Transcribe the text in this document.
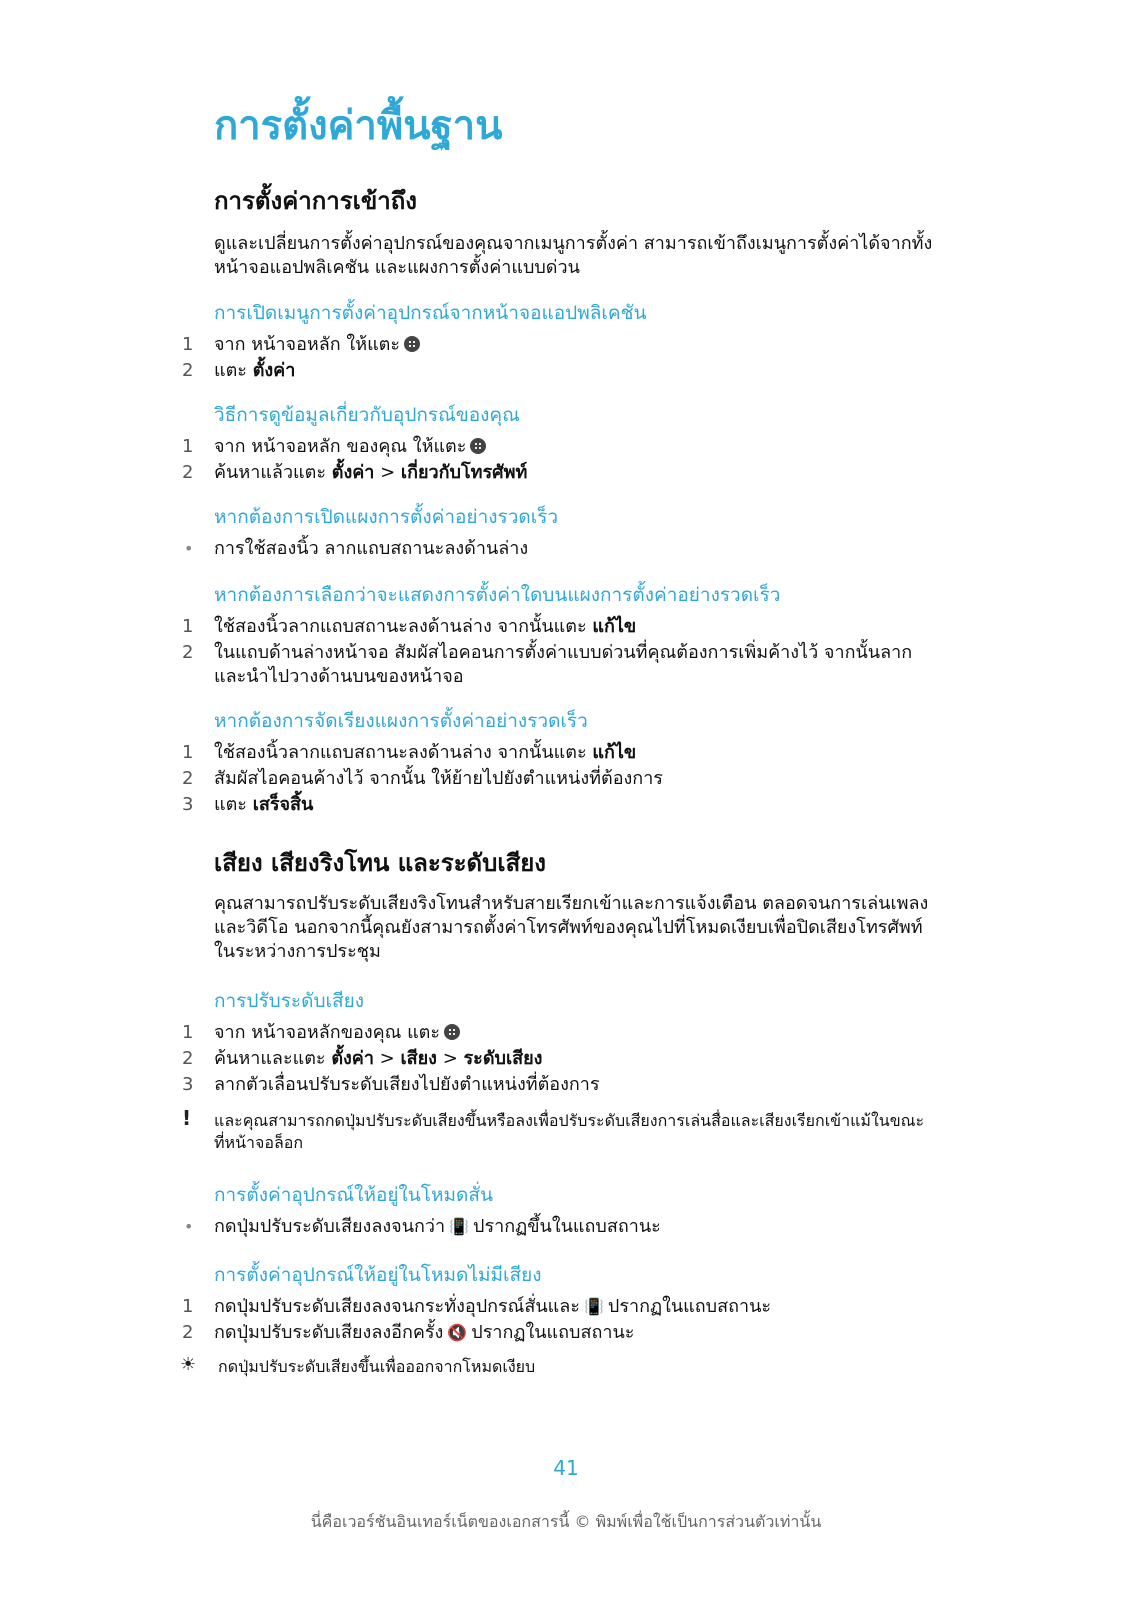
การตั้งค่าพื้นฐาน
การตั้งค่าการเข้าถึง

ดูและเปลี่ยนการตั้งค่าอุปกรณ์ของคุณจากเมนูการตั้งค่า สามารถเข้าถึงเมนูการตั้งค่าได้จากทั้งหน้าจอแอปพลิเคชัน และแผงการตั้งค่าแบบด่วน

การเปิดเมนูการตั้งค่าอุปกรณ์จากหน้าจอแอปพลิเคชัน
1	จาก หน้าจอหลัก ให้แตะ
2	แตะ ตั้งค่า
วิธีการดูข้อมูลเกี่ยวกับอุปกรณ์ของคุณ
1	จาก หน้าจอหลัก ของคุณ ให้แตะ
2	ค้นหาแล้วแตะ ตั้งค่า > เกี่ยวกับโทรศัพท์
หากต้องการเปิดแผงการตั้งค่าอย่างรวดเร็ว
• การใช้สองนิ้ว ลากแถบสถานะลงด้านล่าง
หากต้องการเลือกว่าจะแสดงการตั้งค่าใดบนแผงการตั้งค่าอย่างรวดเร็ว
1	ใช้สองนิ้วลากแถบสถานะลงด้านล่าง จากนั้นแตะ แก้ไข
2	ในแถบด้านล่างหน้าจอ สัมผัสไอคอนการตั้งค่าแบบด่วนที่คุณต้องการเพิ่มค้างไว้ จากนั้นลากและนำไปวางด้านบนของหน้าจอ
หากต้องการจัดเรียงแผงการตั้งค่าอย่างรวดเร็ว
1	ใช้สองนิ้วลากแถบสถานะลงด้านล่าง จากนั้นแตะ แก้ไข
2	สัมผัสไอคอนค้างไว้ จากนั้น ให้ย้ายไปยังตำแหน่งที่ต้องการ
3	แตะ เสร็จสิ้น
เสียง เสียงริงโทน และระดับเสียง

คุณสามารถปรับระดับเสียงริงโทนสำหรับสายเรียกเข้าและการแจ้งเตือน ตลอดจนการเล่นเพลงและวิดีโอ นอกจากนี้คุณยังสามารถตั้งค่าโทรศัพท์ของคุณไปที่โหมดเงียบเพื่อปิดเสียงโทรศัพท์ในระหว่างการประชุม

การปรับระดับเสียง
1	จาก หน้าจอหลักของคุณ แตะ
2	ค้นหาและแตะ ตั้งค่า > เสียง > ระดับเสียง
3	ลากตัวเลื่อนปรับระดับเสียงไปยังตำแหน่งที่ต้องการ
! และคุณสามารถกดปุ่มปรับระดับเสียงขึ้นหรือลงเพื่อปรับระดับเสียงการเล่นสื่อและเสียงเรียกเข้าแม้ในขณะที่หน้าจอล็อก

การตั้งค่าอุปกรณ์ให้อยู่ในโหมดสั่น
• กดปุ่มปรับระดับเสียงลงจนกว่า 📳 ปรากฏขึ้นในแถบสถานะ
การตั้งค่าอุปกรณ์ให้อยู่ในโหมดไม่มีเสียง
1	กดปุ่มปรับระดับเสียงลงจนกระทั่งอุปกรณ์สั่นและ 📳 ปรากฏในแถบสถานะ
2	กดปุ่มปรับระดับเสียงลงอีกครั้ง 🔇 ปรากฏในแถบสถานะ
☀ กดปุ่มปรับระดับเสียงขึ้นเพื่อออกจากโหมดเงียบ

41
นี่คือเวอร์ชันอินเทอร์เน็ตของเอกสารนี้ © พิมพ์เพื่อใช้เป็นการส่วนตัวเท่านั้น
